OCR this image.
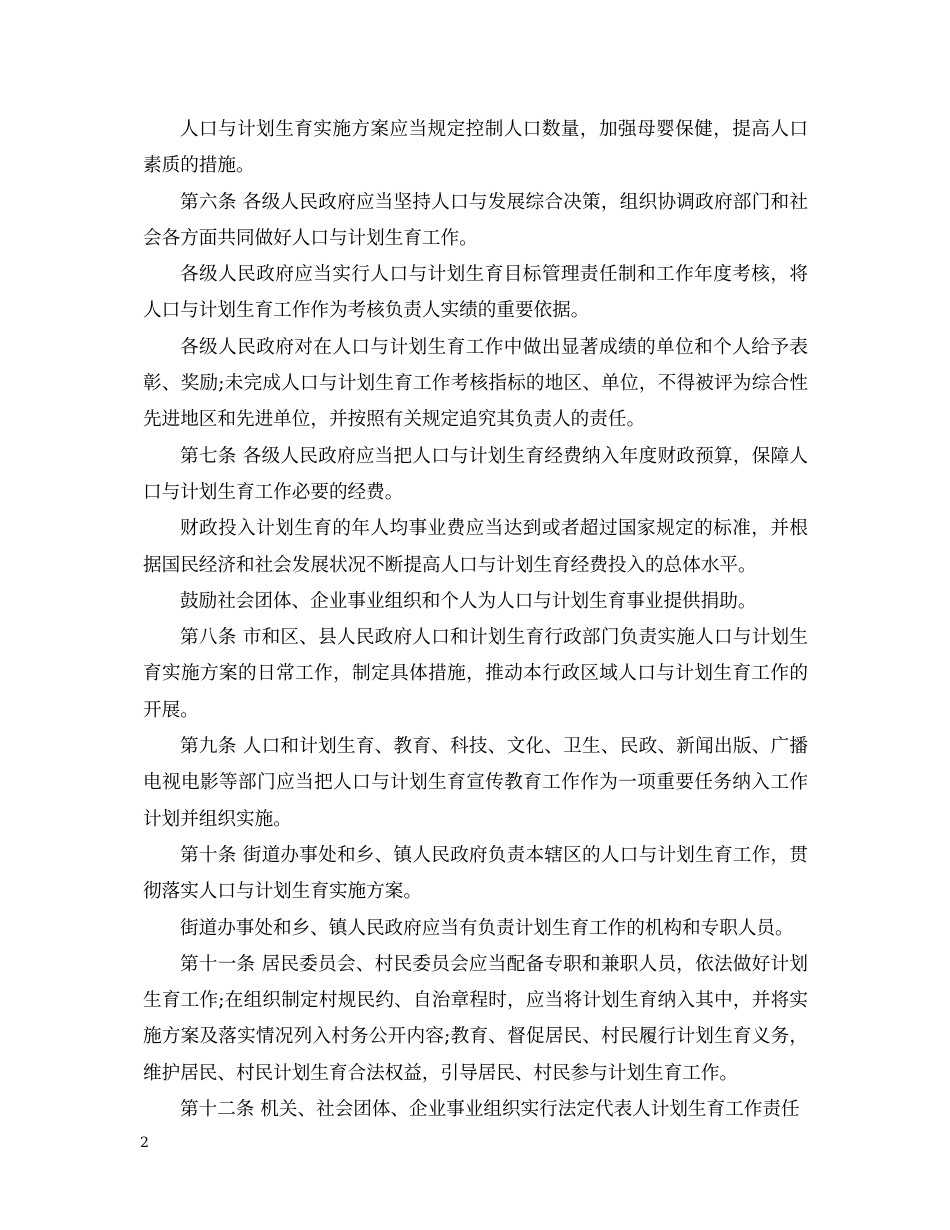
人口与计划生育实施方案应当规定控制人口数量，加强母婴保健，提高人口素质的措施。

第六条 各级人民政府应当坚持人口与发展综合决策，组织协调政府部门和社会各方面共同做好人口与计划生育工作。

各级人民政府应当实行人口与计划生育目标管理责任制和工作年度考核，将人口与计划生育工作作为考核负责人实绩的重要依据。

各级人民政府对在人口与计划生育工作中做出显著成绩的单位和个人给予表彰、奖励;未完成人口与计划生育工作考核指标的地区、单位，不得被评为综合性先进地区和先进单位，并按照有关规定追究其负责人的责任。

第七条 各级人民政府应当把人口与计划生育经费纳入年度财政预算，保障人口与计划生育工作必要的经费。

财政投入计划生育的年人均事业费应当达到或者超过国家规定的标准，并根据国民经济和社会发展状况不断提高人口与计划生育经费投入的总体水平。

鼓励社会团体、企业事业组织和个人为人口与计划生育事业提供捐助。

第八条 市和区、县人民政府人口和计划生育行政部门负责实施人口与计划生育实施方案的日常工作，制定具体措施，推动本行政区域人口与计划生育工作的开展。

第九条 人口和计划生育、教育、科技、文化、卫生、民政、新闻出版、广播电视电影等部门应当把人口与计划生育宣传教育工作作为一项重要任务纳入工作计划并组织实施。

第十条 街道办事处和乡、镇人民政府负责本辖区的人口与计划生育工作，贯彻落实人口与计划生育实施方案。

街道办事处和乡、镇人民政府应当有负责计划生育工作的机构和专职人员。

第十一条 居民委员会、村民委员会应当配备专职和兼职人员，依法做好计划生育工作;在组织制定村规民约、自治章程时，应当将计划生育纳入其中，并将实施方案及落实情况列入村务公开内容;教育、督促居民、村民履行计划生育义务，维护居民、村民计划生育合法权益，引导居民、村民参与计划生育工作。

第十二条 机关、社会团体、企业事业组织实行法定代表人计划生育工作责任

2
